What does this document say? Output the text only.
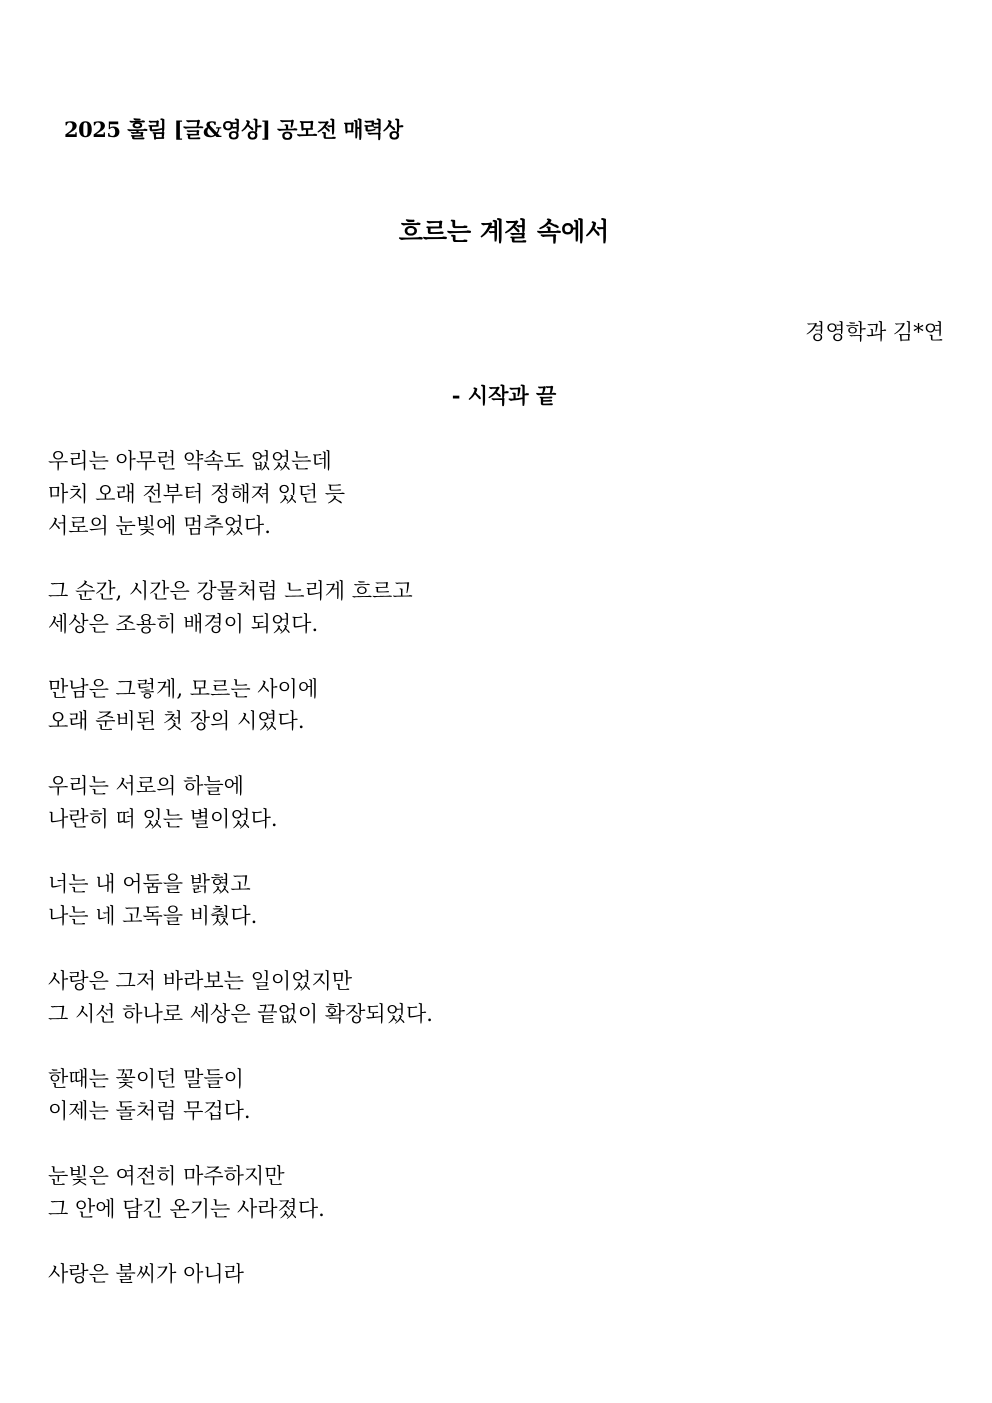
2025 훌림 [글&영상] 공모전 매력상
흐르는 계절 속에서
경영학과 김*연
- 시작과 끝
우리는 아무런 약속도 없었는데
마치 오래 전부터 정해져 있던 듯
서로의 눈빛에 멈추었다.
그 순간, 시간은 강물처럼 느리게 흐르고
세상은 조용히 배경이 되었다.
만남은 그렇게, 모르는 사이에
오래 준비된 첫 장의 시였다.
우리는 서로의 하늘에
나란히 떠 있는 별이었다.
너는 내 어둠을 밝혔고
나는 네 고독을 비췄다.
사랑은 그저 바라보는 일이었지만
그 시선 하나로 세상은 끝없이 확장되었다.
한때는 꽃이던 말들이
이제는 돌처럼 무겁다.
눈빛은 여전히 마주하지만
그 안에 담긴 온기는 사라졌다.
사랑은 불씨가 아니라
